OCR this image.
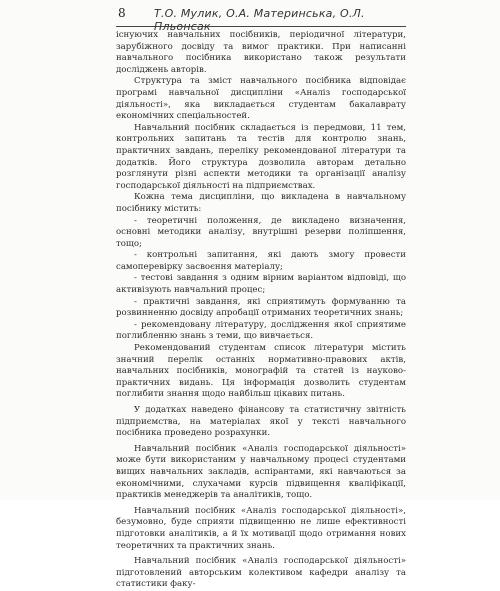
8	Т.О. Мулик, О.А. Материнська, О.Л. Пльонсак

існуючих навчальних посібників, періодичної літератури, зарубіжного досвіду та вимог практики. При написанні навчального посібника використано також результати досліджень авторів.

Структура та зміст навчального посібника відповідає програмі навчальної дисципліни «Аналіз господарської діяльності», яка викладається студентам бакалаврату економічних спеціальностей.

Навчальний посібник складається із передмови, 11 тем, контрольних запитань та тестів для контролю знань, практичних завдань, переліку рекомендованої літератури та додатків. Його структура дозволила авторам детально розглянути різні аспекти методики та організації аналізу господарської діяльності на підприємствах.

Кожна тема дисципліни, що викладена в навчальному посібнику містить:

- теоретичні положення, де викладено визначення, основні методики аналізу, внутрішні резерви поліпшення, тощо;

- контрольні запитання, які дають змогу провести самоперевірку засвоєння матеріалу;

- тестові завдання з одним вірним варіантом відповіді, що активізують навчальний процес;

- практичні завдання, які сприятимуть формуванню та розвинненню досвіду апробації отриманих теоретичних знань;

- рекомендовану літературу, дослідження якої сприятиме поглибленню знань з теми, що вивчається.

Рекомендований студентам список літератури містить значний перелік останніх нормативно-правових актів, навчальних посібників, монографій та статей із науково-практичних видань. Ця інформація дозволить студентам поглибити знання щодо найбільш цікавих питань.

У додатках наведено фінансову та статистичну звітність підприємства, на матеріалах якої у тексті навчального посібника проведено розрахунки.

Навчальний посібник «Аналіз господарської діяльності» може бути використаним у навчальному процесі студентами вищих навчальних закладів, аспірантами, які навчаються за економічними, слухачами курсів підвищення кваліфікації, практиків менеджерів та аналітиків, тощо.

Навчальний посібник «Аналіз господарської діяльності», безумовно, буде сприяти підвищенню не лише ефективності підготовки аналітиків, а й їх мотивації щодо отримання нових теоретичних та практичних знань.

Навчальний посібник «Аналіз господарської діяльності» підготовлений авторським колективом кафедри аналізу та статистики факу-
